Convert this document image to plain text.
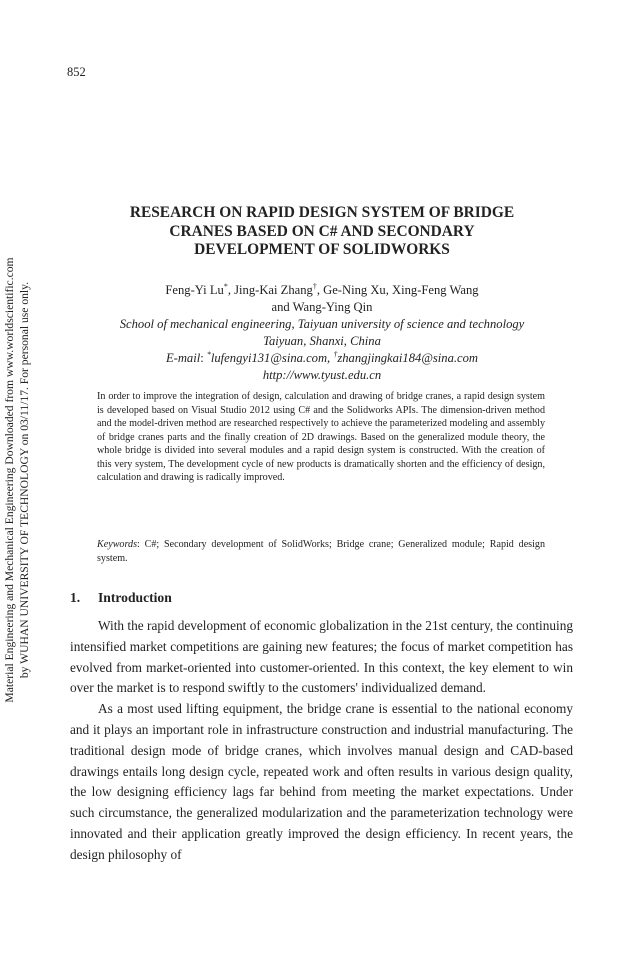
852
Material Engineering and Mechanical Engineering Downloaded from www.worldscientific.com by WUHAN UNIVERSITY OF TECHNOLOGY on 03/11/17. For personal use only.
RESEARCH ON RAPID DESIGN SYSTEM OF BRIDGE
CRANES BASED ON C# AND SECONDARY
DEVELOPMENT OF SOLIDWORKS

Feng-Yi Lu*, Jing-Kai Zhang†, Ge-Ning Xu, Xing-Feng Wang

and Wang-Ying Qin

School of mechanical engineering, Taiyuan university of science and technology

Taiyuan, Shanxi, China

E-mail: *lufengyi131@sina.com, †zhangjingkai184@sina.com

http://www.tyust.edu.cn

In order to improve the integration of design, calculation and drawing of bridge cranes, a rapid design system is developed based on Visual Studio 2012 using C# and the Solidworks APIs. The dimension-driven method and the model-driven method are researched respectively to achieve the parameterized modeling and assembly of bridge cranes parts and the finally creation of 2D drawings. Based on the generalized module theory, the whole bridge is divided into several modules and a rapid design system is constructed. With the creation of this very system, The development cycle of new products is dramatically shorten and the efficiency of design, calculation and drawing is radically improved.

Keywords: C#; Secondary development of SolidWorks; Bridge crane; Generalized module; Rapid design system.
1. Introduction

With the rapid development of economic globalization in the 21st century, the continuing intensified market competitions are gaining new features; the focus of market competition has evolved from market-oriented into customer-oriented. In this context, the key element to win over the market is to respond swiftly to the customers' individualized demand.

As a most used lifting equipment, the bridge crane is essential to the national economy and it plays an important role in infrastructure construction and industrial manufacturing. The traditional design mode of bridge cranes, which involves manual design and CAD-based drawings entails long design cycle, repeated work and often results in various design quality, the low designing efficiency lags far behind from meeting the market expectations. Under such circumstance, the generalized modularization and the parameterization technology were innovated and their application greatly improved the design efficiency. In recent years, the design philosophy of
